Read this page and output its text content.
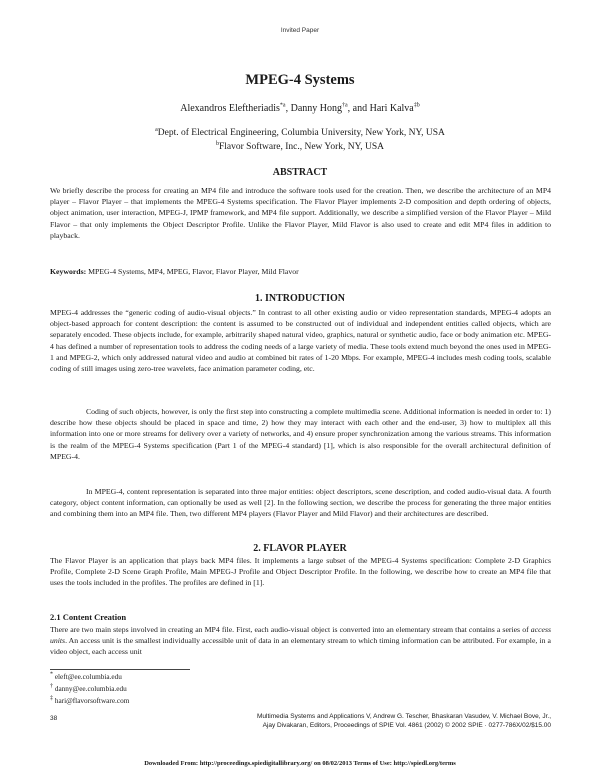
Invited Paper
MPEG-4 Systems
Alexandros Eleftheriadis$^{*a}$, Danny Hong$^{\dagger a}$, and Hari Kalva$^{\ddagger b}$
$^a$Dept. of Electrical Engineering, Columbia University, New York, NY, USA
$^b$Flavor Software, Inc., New York, NY, USA
ABSTRACT

We briefly describe the process for creating an MP4 file and introduce the software tools used for the creation. Then, we describe the architecture of an MP4 player – Flavor Player – that implements the MPEG-4 Systems specification. The Flavor Player implements 2-D composition and depth ordering of objects, object animation, user interaction, MPEG-J, IPMP framework, and MP4 file support. Additionally, we describe a simplified version of the Flavor Player – Mild Flavor – that only implements the Object Descriptor Profile. Unlike the Flavor Player, Mild Flavor is also used to create and edit MP4 files in addition to playback.

Keywords: MPEG-4 Systems, MP4, MPEG, Flavor, Flavor Player, Mild Flavor
1. INTRODUCTION

MPEG-4 addresses the “generic coding of audio-visual objects.” In contrast to all other existing audio or video representation standards, MPEG-4 adopts an object-based approach for content description: the content is assumed to be constructed out of individual and independent entities called objects, which are separately encoded. These objects include, for example, arbitrarily shaped natural video, graphics, natural or synthetic audio, face or body animation etc. MPEG-4 has defined a number of representation tools to address the coding needs of a large variety of media. These tools extend much beyond the ones used in MPEG-1 and MPEG-2, which only addressed natural video and audio at combined bit rates of 1-20 Mbps. For example, MPEG-4 includes mesh coding tools, scalable coding of still images using zero-tree wavelets, face animation parameter coding, etc.

Coding of such objects, however, is only the first step into constructing a complete multimedia scene. Additional information is needed in order to: 1) describe how these objects should be placed in space and time, 2) how they may interact with each other and the end-user, 3) how to multiplex all this information into one or more streams for delivery over a variety of networks, and 4) ensure proper synchronization among the various streams. This information is the realm of the MPEG-4 Systems specification (Part 1 of the MPEG-4 standard) [1], which is also responsible for the overall architectural definition of MPEG-4.

In MPEG-4, content representation is separated into three major entities: object descriptors, scene description, and coded audio-visual data. A fourth category, object content information, can optionally be used as well [2]. In the following section, we describe the process for generating the three major entities and combining them into an MP4 file. Then, two different MP4 players (Flavor Player and Mild Flavor) and their architectures are described.

2. FLAVOR PLAYER

The Flavor Player is an application that plays back MP4 files. It implements a large subset of the MPEG-4 Systems specification: Complete 2-D Graphics Profile, Complete 2-D Scene Graph Profile, Main MPEG-J Profile and Object Descriptor Profile. In the following, we describe how to create an MP4 file that uses the tools included in the profiles. The profiles are defined in [1].

2.1 Content Creation

There are two main steps involved in creating an MP4 file. First, each audio-visual object is converted into an elementary stream that contains a series of access units. An access unit is the smallest individually accessible unit of data in an elementary stream to which timing information can be attributed. For example, in a video object, each access unit

* eleft@ee.columbia.edu
† danny@ee.columbia.edu
‡ hari@flavorsoftware.com
38	Multimedia Systems and Applications V, Andrew G. Tescher, Bhaskaran Vasudev, V. Michael Bove, Jr.,
Ajay Divakaran, Editors, Proceedings of SPIE Vol. 4861 (2002) © 2002 SPIE · 0277-786X/02/$15.00
Downloaded From: http://proceedings.spiedigitallibrary.org/ on 08/02/2013 Terms of Use: http://spiedl.org/terms
